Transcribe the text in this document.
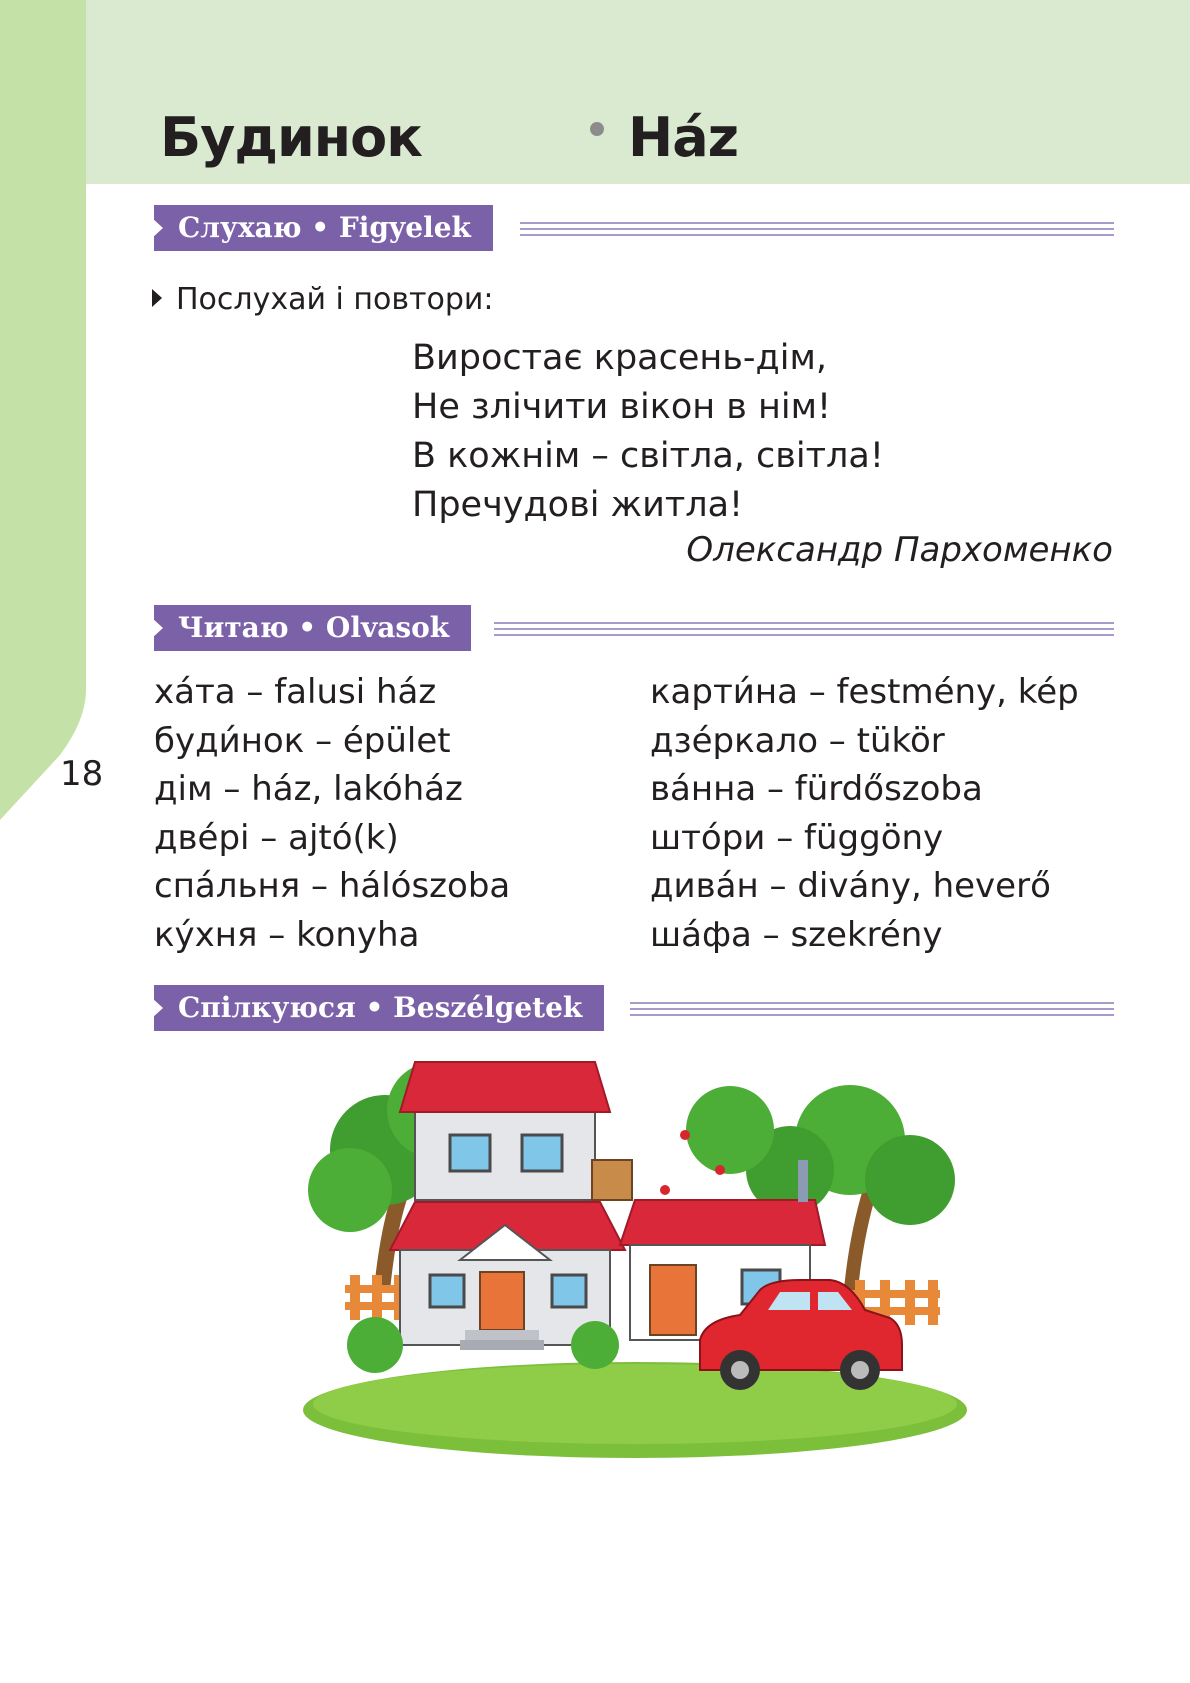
Будинок	Ház
18
Слухаю • Figyelek
Послухай і повтори:
Виростає красень-дім,
Не злічити вікон в нім!
В кожнім – світла, світла!
Пречудові житла!
Олександр Пархоменко
Читаю • Olvasok
ха́та – falusi ház
буди́нок – épület
дім – ház, lakóház
две́рі – ajtó(k)
спа́льня – hálószoba
ку́хня – konyha
карти́на – festmény, kép
дзе́ркало – tükör
ва́нна – fürdőszoba
што́ри – függöny
дива́н – divány, heverő
ша́фа – szekrény
Спілкуюся • Beszélgetek
